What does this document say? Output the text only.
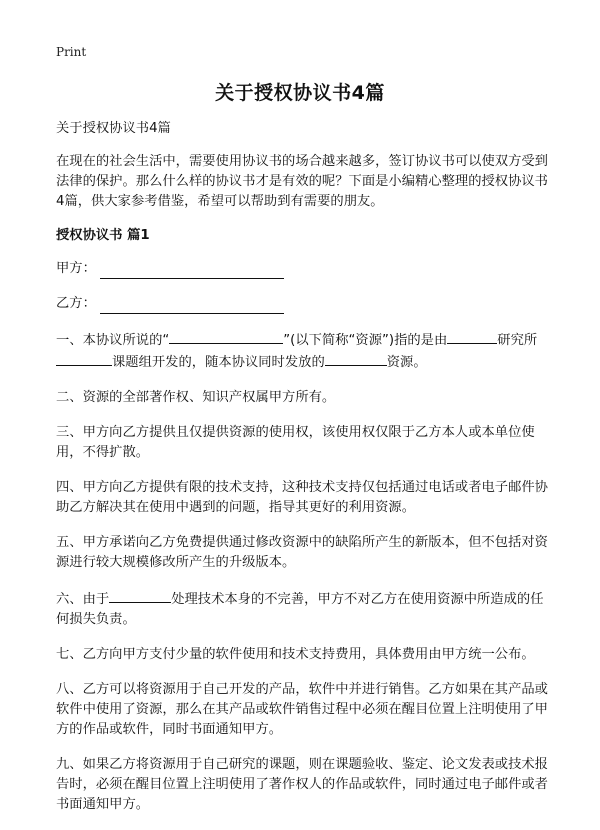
Print
关于授权协议书4篇

关于授权协议书4篇

在现在的社会生活中，需要使用协议书的场合越来越多，签订协议书可以使双方受到法律的保护。那么什么样的协议书才是有效的呢？下面是小编精心整理的授权协议书4篇，供大家参考借鉴，希望可以帮助到有需要的朋友。

授权协议书 篇1

甲方：

乙方：

一、本协议所说的“	”(以下简称“资源”)指的是由	研究所课题组开发的，随本协议同时发放的	资源。

二、资源的全部著作权、知识产权属甲方所有。

三、甲方向乙方提供且仅提供资源的使用权，该使用权仅限于乙方本人或本单位使用，不得扩散。

四、甲方向乙方提供有限的技术支持，这种技术支持仅包括通过电话或者电子邮件协助乙方解决其在使用中遇到的问题，指导其更好的利用资源。

五、甲方承诺向乙方免费提供通过修改资源中的缺陷所产生的新版本，但不包括对资源进行较大规模修改所产生的升级版本。

六、由于	处理技术本身的不完善，甲方不对乙方在使用资源中所造成的任何损失负责。

七、乙方向甲方支付少量的软件使用和技术支持费用，具体费用由甲方统一公布。

八、乙方可以将资源用于自己开发的产品，软件中并进行销售。乙方如果在其产品或软件中使用了资源，那么在其产品或软件销售过程中必须在醒目位置上注明使用了甲方的作品或软件，同时书面通知甲方。

九、如果乙方将资源用于自己研究的课题，则在课题验收、鉴定、论文发表或技术报告时，必须在醒目位置上注明使用了著作权人的作品或软件，同时通过电子邮件或者书面通知甲方。
